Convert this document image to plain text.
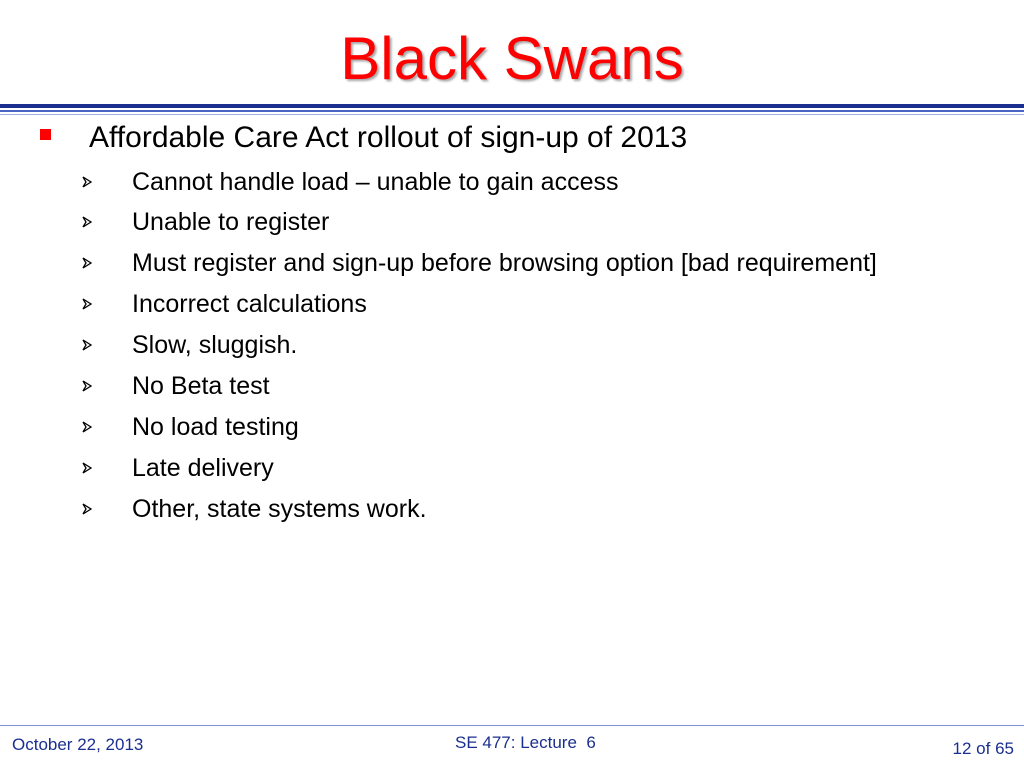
Black Swans
Affordable Care Act rollout of sign-up of 2013
Cannot handle load – unable to gain access
Unable to register
Must register and sign-up before browsing option [bad requirement]
Incorrect calculations
Slow, sluggish.
No Beta test
No load testing
Late delivery
Other, state systems work.
October 22, 2013	SE 477: Lecture  6	12 of 65
